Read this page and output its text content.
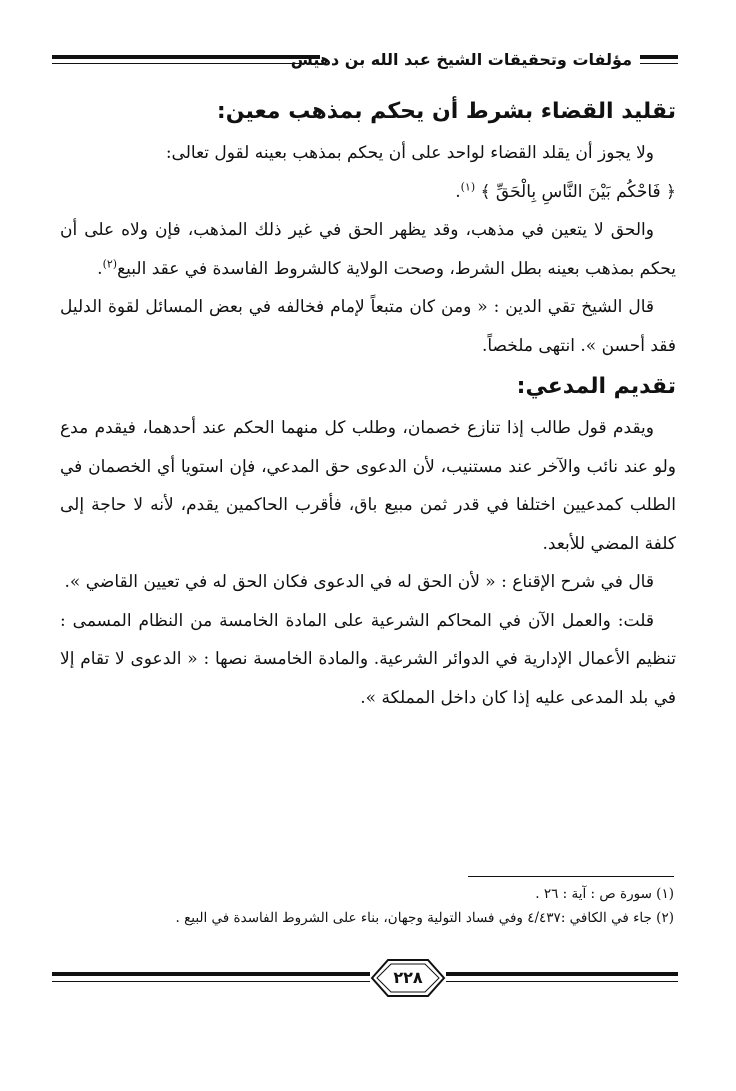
مؤلفات وتحقيقات الشيخ عبد الله بن دهيش
تقليد القضاء بشرط أن يحكم بمذهب معين:

ولا يجوز أن يقلد القضاء لواحد على أن يحكم بمذهب بعينه لقول تعالى:
﴿ فَاحْكُم بَيْنَ النَّاسِ بِالْحَقِّ ﴾ $^{(١)}$.

والحق لا يتعين في مذهب، وقد يظهر الحق في غير ذلك المذهب، فإن ولاه على أن يحكم بمذهب بعينه بطل الشرط، وصحت الولاية كالشروط الفاسدة في عقد البيع$^{(٢)}$.

قال الشيخ تقي الدين : « ومن كان متبعاً لإمام فخالفه في بعض المسائل لقوة الدليل فقد أحسن ». انتهى ملخصاً.

تقديم المدعي:

ويقدم قول طالب إذا تنازع خصمان، وطلب كل منهما الحكم عند أحدهما، فيقدم مدع ولو عند نائب والآخر عند مستنيب، لأن الدعوى حق المدعي، فإن استويا أي الخصمان في الطلب كمدعيين اختلفا في قدر ثمن مبيع باق، فأقرب الحاكمين يقدم، لأنه لا حاجة إلى كلفة المضي للأبعد.

قال في شرح الإقناع : « لأن الحق له في الدعوى فكان الحق له في تعيين القاضي ».

قلت: والعمل الآن في المحاكم الشرعية على المادة الخامسة من النظام المسمى : تنظيم الأعمال الإدارية في الدوائر الشرعية. والمادة الخامسة نصها : « الدعوى لا تقام إلا في بلد المدعى عليه إذا كان داخل المملكة ».

(١) سورة ص : آية : ٢٦ .

(٢) جاء في الكافي :٤/٤٣٧ وفي فساد التولية وجهان، بناء على الشروط الفاسدة في البيع .

٢٢٨
